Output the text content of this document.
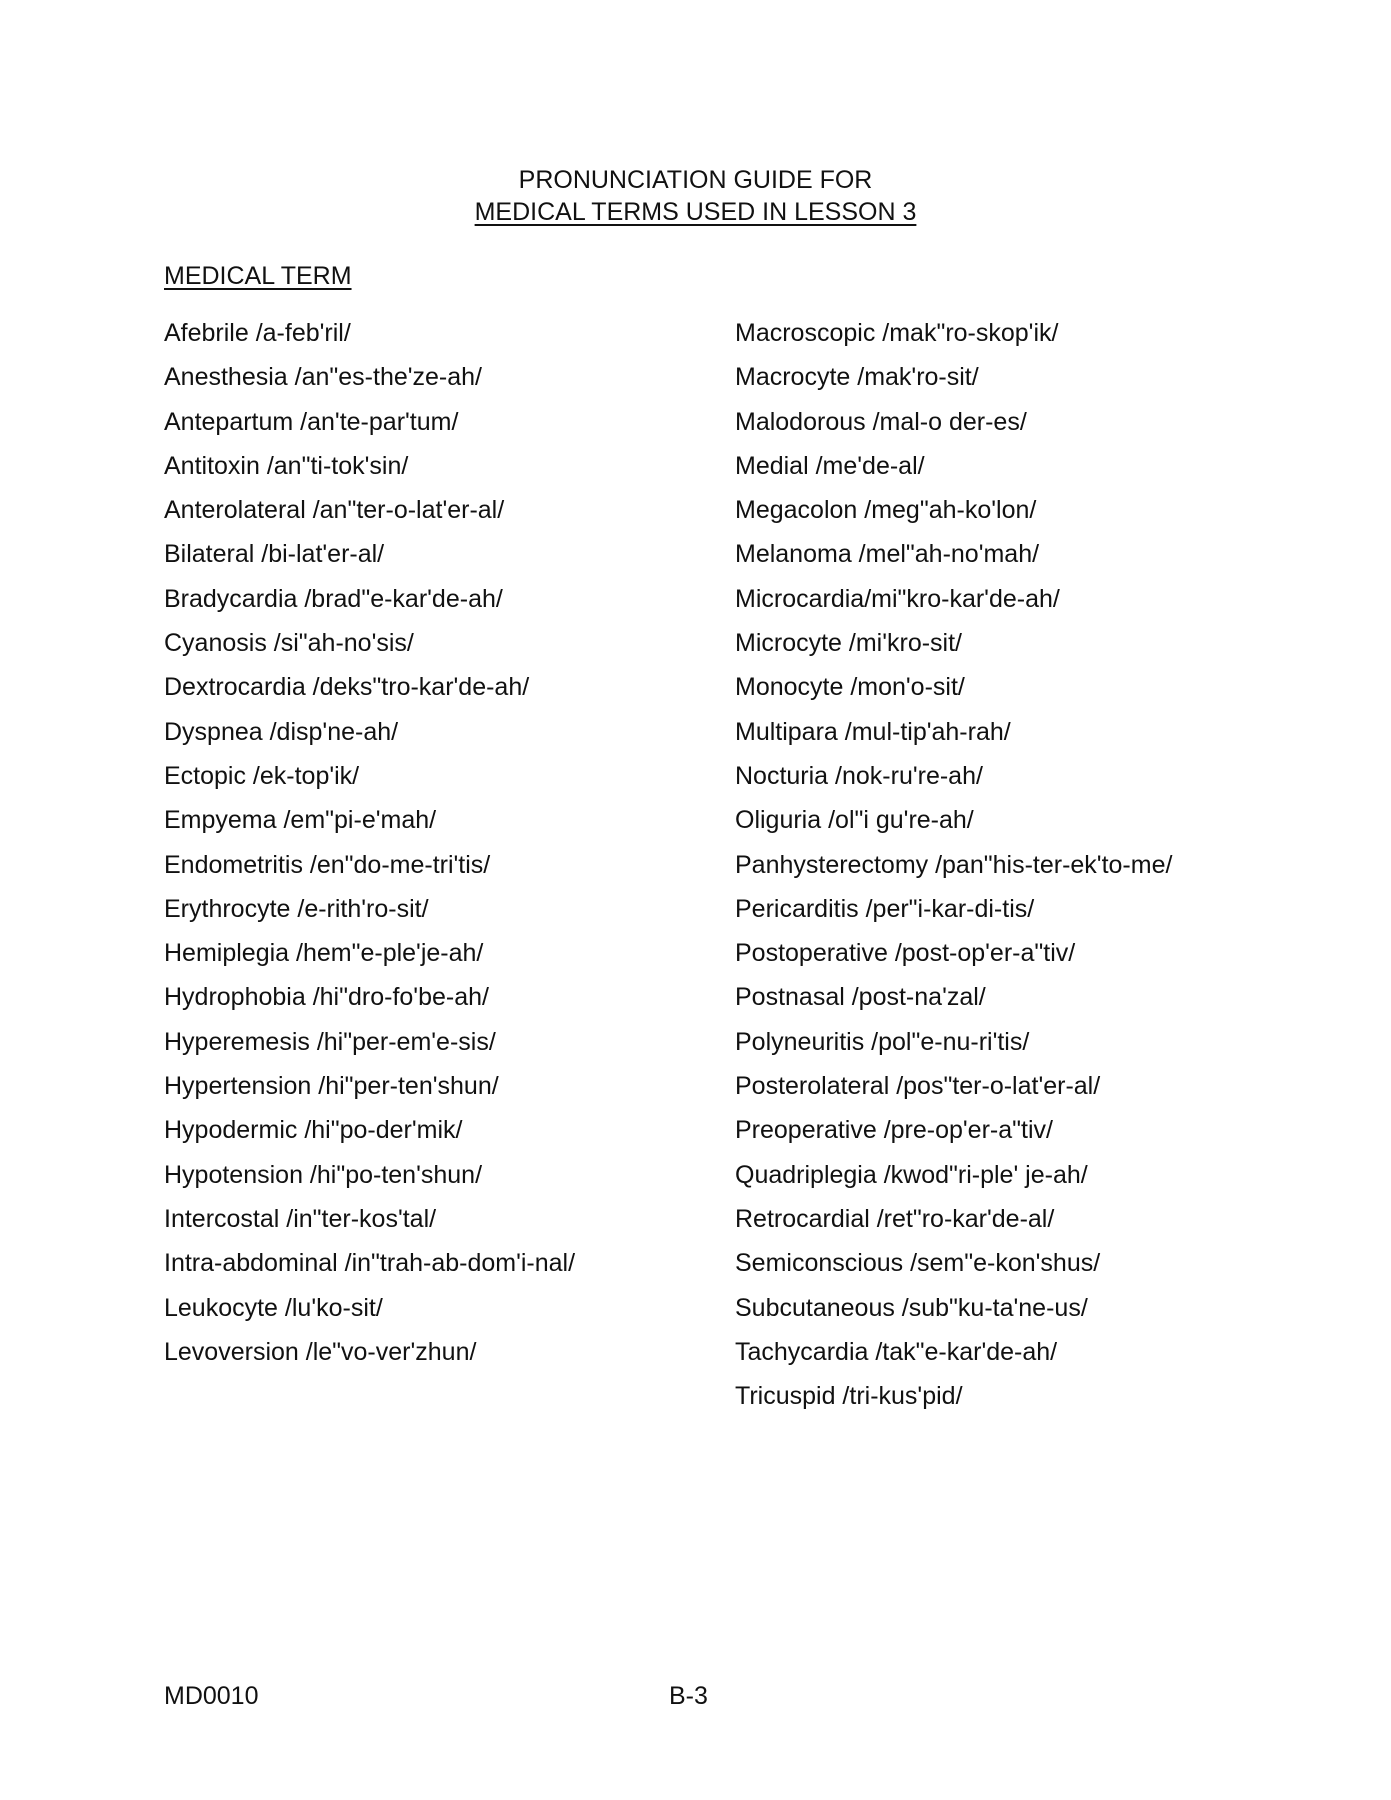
PRONUNCIATION GUIDE FOR
MEDICAL TERMS USED IN LESSON 3
MEDICAL TERM
Afebrile /a-feb'ril/
Anesthesia /an"es-the'ze-ah/
Antepartum /an'te-par'tum/
Antitoxin /an"ti-tok'sin/
Anterolateral /an"ter-o-lat'er-al/
Bilateral /bi-lat'er-al/
Bradycardia /brad"e-kar'de-ah/
Cyanosis /si"ah-no'sis/
Dextrocardia /deks"tro-kar'de-ah/
Dyspnea /disp'ne-ah/
Ectopic /ek-top'ik/
Empyema /em"pi-e'mah/
Endometritis /en"do-me-tri'tis/
Erythrocyte /e-rith'ro-sit/
Hemiplegia /hem"e-ple'je-ah/
Hydrophobia /hi"dro-fo'be-ah/
Hyperemesis /hi"per-em'e-sis/
Hypertension /hi"per-ten'shun/
Hypodermic /hi"po-der'mik/
Hypotension /hi"po-ten'shun/
Intercostal /in"ter-kos'tal/
Intra-abdominal /in"trah-ab-dom'i-nal/
Leukocyte /lu'ko-sit/
Levoversion /le"vo-ver'zhun/
Macroscopic /mak"ro-skop'ik/
Macrocyte /mak'ro-sit/
Malodorous /mal-o der-es/
Medial /me'de-al/
Megacolon /meg"ah-ko'lon/
Melanoma /mel"ah-no'mah/
Microcardia/mi"kro-kar'de-ah/
Microcyte /mi'kro-sit/
Monocyte /mon'o-sit/
Multipara /mul-tip'ah-rah/
Nocturia /nok-ru're-ah/
Oliguria /ol"i gu're-ah/
Panhysterectomy /pan"his-ter-ek'to-me/
Pericarditis /per"i-kar-di-tis/
Postoperative /post-op'er-a"tiv/
Postnasal /post-na'zal/
Polyneuritis /pol"e-nu-ri'tis/
Posterolateral /pos"ter-o-lat'er-al/
Preoperative /pre-op'er-a"tiv/
Quadriplegia /kwod"ri-ple' je-ah/
Retrocardial /ret"ro-kar'de-al/
Semiconscious /sem"e-kon'shus/
Subcutaneous /sub"ku-ta'ne-us/
Tachycardia /tak"e-kar'de-ah/
Tricuspid /tri-kus'pid/
MD0010	B-3
